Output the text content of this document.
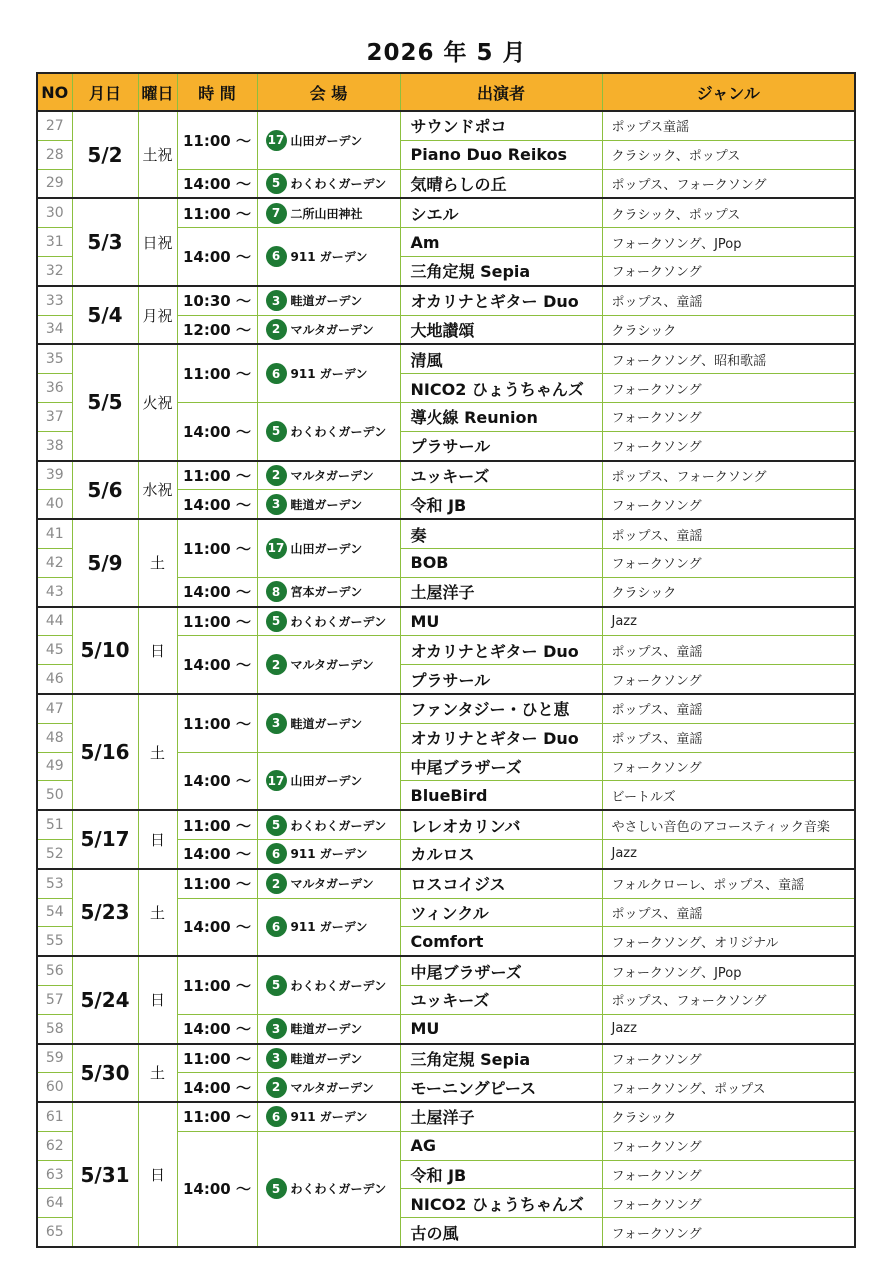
2026 年 5 月
NO	月日	曜日	時 間	会 場	出演者	ジャンル
27	5/2	土祝	11:00 〜	17 山田ガーデン	サウンドポコ	ポップス童謡
28					Piano Duo Reikos	クラシック、ポップス
29			14:00 〜	5 わくわくガーデン	気晴らしの丘	ポップス、フォークソング
30	5/3	日祝	11:00 〜	7 二所山田神社	シエル	クラシック、ポップス
31			14:00 〜	6 911 ガーデン	Am	フォークソング、JPop
32					三角定規 Sepia	フォークソング
33	5/4	月祝	10:30 〜	3 畦道ガーデン	オカリナとギター Duo	ポップス、童謡
34			12:00 〜	2 マルタガーデン	大地讃頌	クラシック
35	5/5	火祝	11:00 〜	6 911 ガーデン	清風	フォークソング、昭和歌謡
36					NICO2 ひょうちゃんズ	フォークソング
37			14:00 〜	5 わくわくガーデン	導火線 Reunion	フォークソング
38					プラサール	フォークソング
39	5/6	水祝	11:00 〜	2 マルタガーデン	ユッキーズ	ポップス、フォークソング
40			14:00 〜	3 畦道ガーデン	令和 JB	フォークソング
41	5/9	土	11:00 〜	17 山田ガーデン	奏	ポップス、童謡
42					BOB	フォークソング
43			14:00 〜	8 宮本ガーデン	土屋洋子	クラシック
44	5/10	日	11:00 〜	5 わくわくガーデン	MU	Jazz
45			14:00 〜	2 マルタガーデン	オカリナとギター Duo	ポップス、童謡
46					プラサール	フォークソング
47	5/16	土	11:00 〜	3 畦道ガーデン	ファンタジー・ひと恵	ポップス、童謡
48					オカリナとギター Duo	ポップス、童謡
49			14:00 〜	17 山田ガーデン	中尾ブラザーズ	フォークソング
50					BlueBird	ビートルズ
51	5/17	日	11:00 〜	5 わくわくガーデン	レレオカリンバ	やさしい音色のアコースティック音楽
52			14:00 〜	6 911 ガーデン	カルロス	Jazz
53	5/23	土	11:00 〜	2 マルタガーデン	ロスコイジス	フォルクローレ、ポップス、童謡
54			14:00 〜	6 911 ガーデン	ツィンクル	ポップス、童謡
55					Comfort	フォークソング、オリジナル
56	5/24	日	11:00 〜	5 わくわくガーデン	中尾ブラザーズ	フォークソング、JPop
57					ユッキーズ	ポップス、フォークソング
58			14:00 〜	3 畦道ガーデン	MU	Jazz
59	5/30	土	11:00 〜	3 畦道ガーデン	三角定規 Sepia	フォークソング
60			14:00 〜	2 マルタガーデン	モーニングピース	フォークソング、ポップス
61	5/31	日	11:00 〜	6 911 ガーデン	土屋洋子	クラシック
62			14:00 〜	5 わくわくガーデン	AG	フォークソング
63					令和 JB	フォークソング
64					NICO2 ひょうちゃんズ	フォークソング
65					古の風	フォークソング
